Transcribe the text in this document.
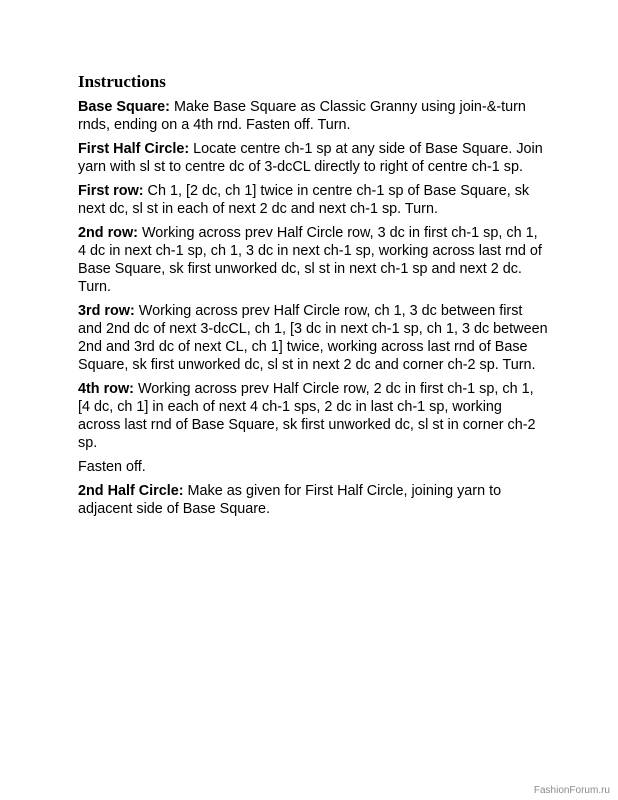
Instructions

Base Square: Make Base Square as Classic Granny using join-&-turn rnds, ending on a 4th rnd. Fasten off. Turn.

First Half Circle: Locate centre ch-1 sp at any side of Base Square. Join yarn with sl st to centre dc of 3-dcCL directly to right of centre ch-1 sp.

First row: Ch 1, [2 dc, ch 1] twice in centre ch-1 sp of Base Square, sk next dc, sl st in each of next 2 dc and next ch-1 sp. Turn.

2nd row: Working across prev Half Circle row, 3 dc in first ch-1 sp, ch 1, 4 dc in next ch-1 sp, ch 1, 3 dc in next ch-1 sp, working across last rnd of Base Square, sk first unworked dc, sl st in next ch-1 sp and next 2 dc. Turn.

3rd row: Working across prev Half Circle row, ch 1, 3 dc between first and 2nd dc of next 3-dcCL, ch 1, [3 dc in next ch-1 sp, ch 1, 3 dc between 2nd and 3rd dc of next CL, ch 1] twice, working across last rnd of Base Square, sk first unworked dc, sl st in next 2 dc and corner ch-2 sp. Turn.

4th row: Working across prev Half Circle row, 2 dc in first ch-1 sp, ch 1, [4 dc, ch 1] in each of next 4 ch-1 sps, 2 dc in last ch-1 sp, working across last rnd of Base Square, sk first unworked dc, sl st in corner ch-2 sp.

Fasten off.

2nd Half Circle: Make as given for First Half Circle, joining yarn to adjacent side of Base Square.

FashionForum.ru
